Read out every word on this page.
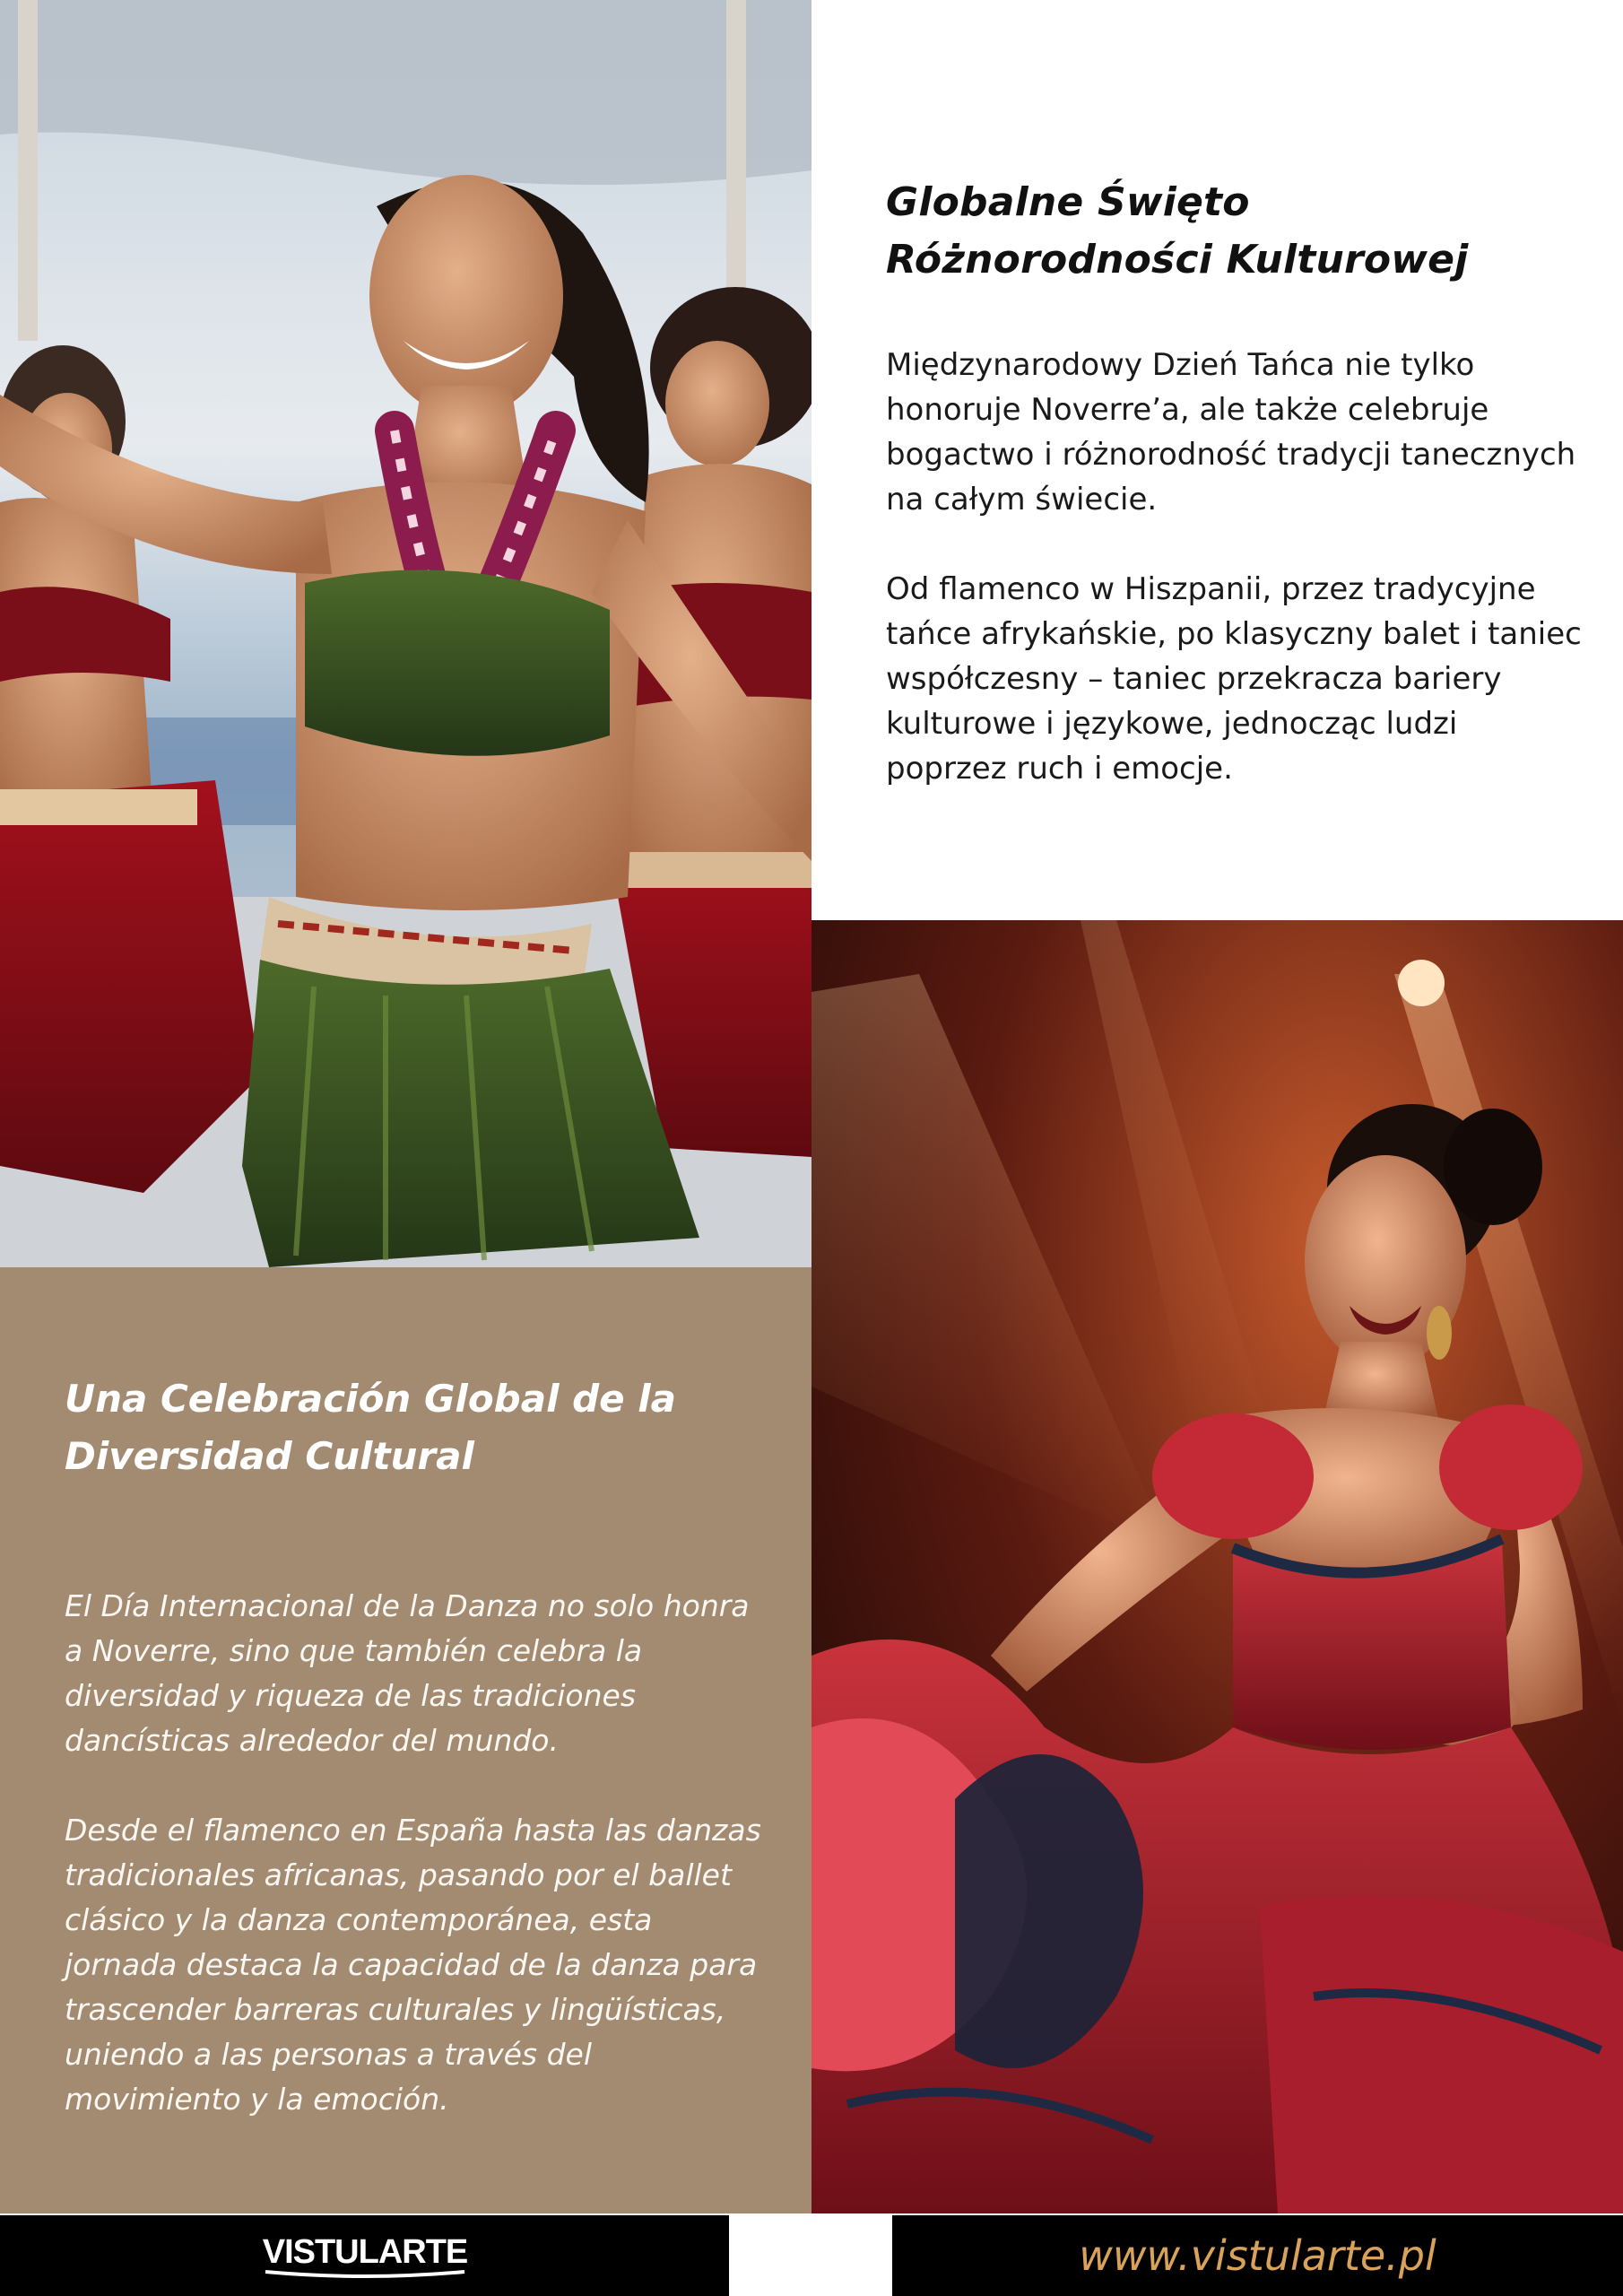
Globalne Święto Różnorodności Kulturowej

Międzynarodowy Dzień Tańca nie tylko honoruje Noverre’a, ale także celebruje bogactwo i różnorodność tradycji tanecznych na całym świecie.

Od flamenco w Hiszpanii, przez tradycyjne tańce afrykańskie, po klasyczny balet i taniec współczesny – taniec przekracza bariery kulturowe i językowe, jednocząc ludzi poprzez ruch i emocje.

Una Celebración Global de la Diversidad Cultural

El Día Internacional de la Danza no solo honra a Noverre, sino que también celebra la diversidad y riqueza de las tradiciones dancísticas alrededor del mundo.

Desde el flamenco en España hasta las danzas tradicionales africanas, pasando por el ballet clásico y la danza contemporánea, esta jornada destaca la capacidad de la danza para trascender barreras culturales y lingüísticas, uniendo a las personas a través del movimiento y la emoción.

VISTULARTE	www.vistularte.pl
